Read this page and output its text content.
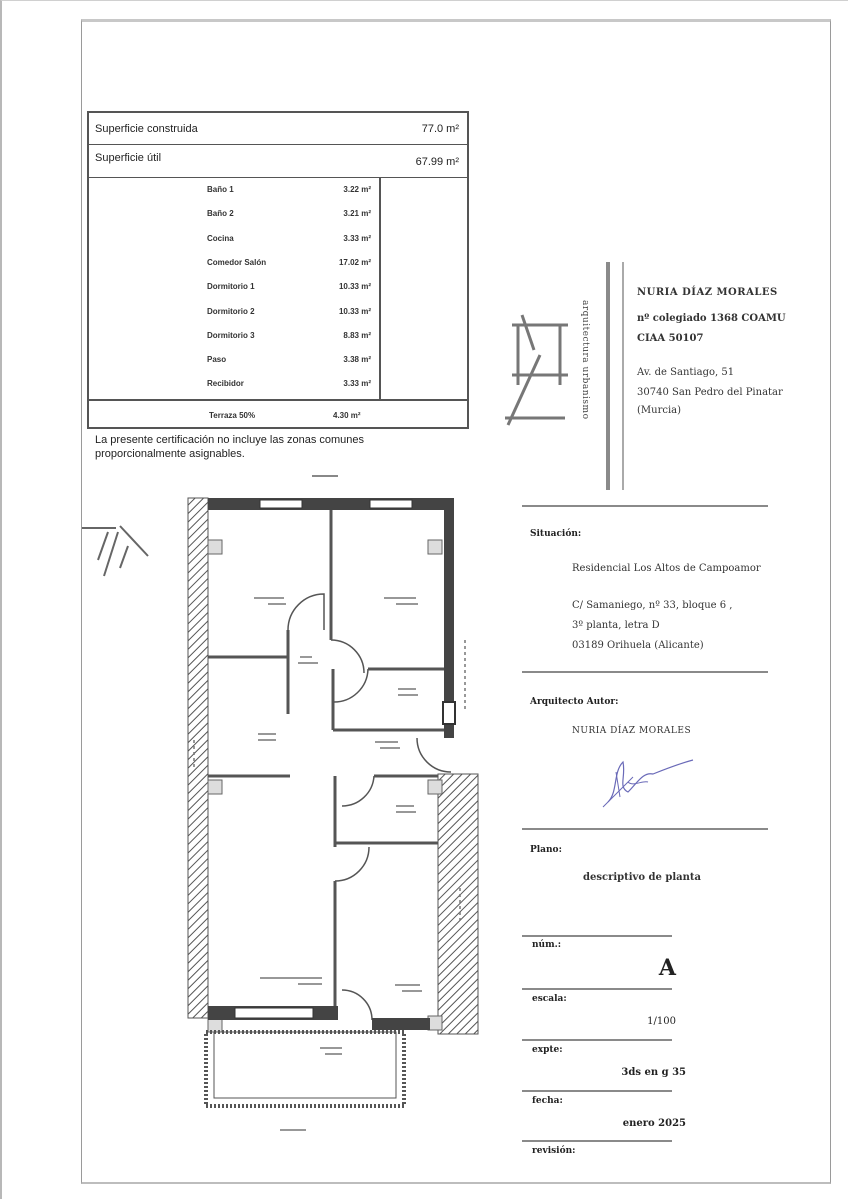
Superficie construida	77.0 m²
Superficie útil	67.99 m²
Baño 1	3.22 m²
Baño 2	3.21 m²
Cocina	3.33 m²
Comedor Salón	17.02 m²
Dormitorio 1	10.33 m²
Dormitorio 2	10.33 m²
Dormitorio 3	8.83 m²
Paso	3.38 m²
Recibidor	3.33 m²
Terraza 50%	4.30 m²
La presente certificación no incluye las zonas comunes proporcionalmente asignables.
arquitectura urbanismo
NURIA DÍAZ MORALES
nº colegiado 1368 COAMU
CIAA 50107
Av. de Santiago, 51
30740 San Pedro del Pinatar
(Murcia)
Situación:
Residencial Los Altos de Campoamor
C/ Samaniego, nº 33, bloque 6 ,
3º planta, letra D
03189 Orihuela (Alicante)
Arquitecto Autor:
NURIA DÍAZ MORALES
Plano:
descriptivo de planta
núm.:
A
escala:
1/100
expte:
3ds en g 35
fecha:
enero 2025
revisión:
